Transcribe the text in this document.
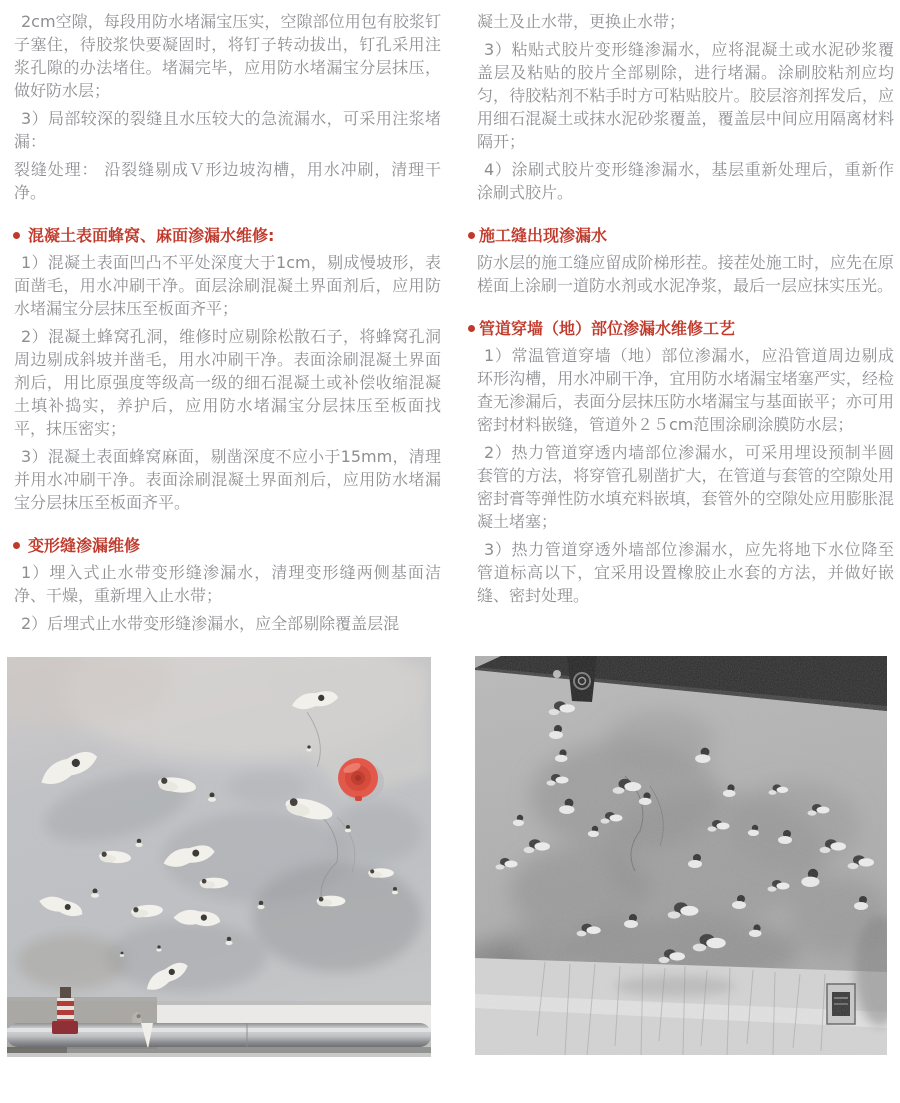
2cm空隙，每段用防水堵漏宝压实，空隙部位用包有胶浆钉子塞住，待胶浆快要凝固时，将钉子转动拔出，钉孔采用注浆孔隙的办法堵住。堵漏完毕，应用防水堵漏宝分层抹压，做好防水层；

3）局部较深的裂缝且水压较大的急流漏水，可采用注浆堵漏：

裂缝处理： 沿裂缝剔成Ｖ形边坡沟槽，用水冲刷，清理干净。

混凝土表面蜂窝、麻面渗漏水维修:

1）混凝土表面凹凸不平处深度大于1cm，剔成慢坡形，表面凿毛，用水冲刷干净。面层涂刷混凝土界面剂后，应用防水堵漏宝分层抹压至板面齐平；

2）混凝土蜂窝孔洞，维修时应剔除松散石子，将蜂窝孔洞周边剔成斜坡并凿毛，用水冲刷干净。表面涂刷混凝土界面剂后，用比原强度等级高一级的细石混凝土或补偿收缩混凝土填补捣实，养护后，应用防水堵漏宝分层抹压至板面找平，抹压密实；

3）混凝土表面蜂窝麻面，剔凿深度不应小于15mm，清理并用水冲刷干净。表面涂刷混凝土界面剂后，应用防水堵漏宝分层抹压至板面齐平。

变形缝渗漏维修

1）埋入式止水带变形缝渗漏水，清理变形缝两侧基面洁净、干燥，重新埋入止水带；

2）后埋式止水带变形缝渗漏水，应全部剔除覆盖层混

凝土及止水带，更换止水带；

3）粘贴式胶片变形缝渗漏水，应将混凝土或水泥砂浆覆盖层及粘贴的胶片全部剔除，进行堵漏。涂刷胶粘剂应均匀，待胶粘剂不粘手时方可粘贴胶片。胶层溶剂挥发后，应用细石混凝土或抹水泥砂浆覆盖，覆盖层中间应用隔离材料隔开；

4）涂刷式胶片变形缝渗漏水，基层重新处理后，重新作涂刷式胶片。

施工缝出现渗漏水

防水层的施工缝应留成阶梯形茬。接茬处施工时，应先在原槎面上涂刷一道防水剂或水泥净浆，最后一层应抹实压光。

管道穿墙（地）部位渗漏水维修工艺

1）常温管道穿墙（地）部位渗漏水，应沿管道周边剔成环形沟槽，用水冲刷干净，宜用防水堵漏宝堵塞严实，经检查无渗漏后，表面分层抹压防水堵漏宝与基面嵌平；亦可用密封材料嵌缝，管道外２５cm范围涂刷涂膜防水层；

2）热力管道穿透内墙部位渗漏水，可采用埋设预制半圆套管的方法，将穿管孔剔凿扩大，在管道与套管的空隙处用密封膏等弹性防水填充料嵌填，套管外的空隙处应用膨胀混凝土堵塞；

3）热力管道穿透外墙部位渗漏水，应先将地下水位降至管道标高以下，宜采用设置橡胶止水套的方法，并做好嵌缝、密封处理。
